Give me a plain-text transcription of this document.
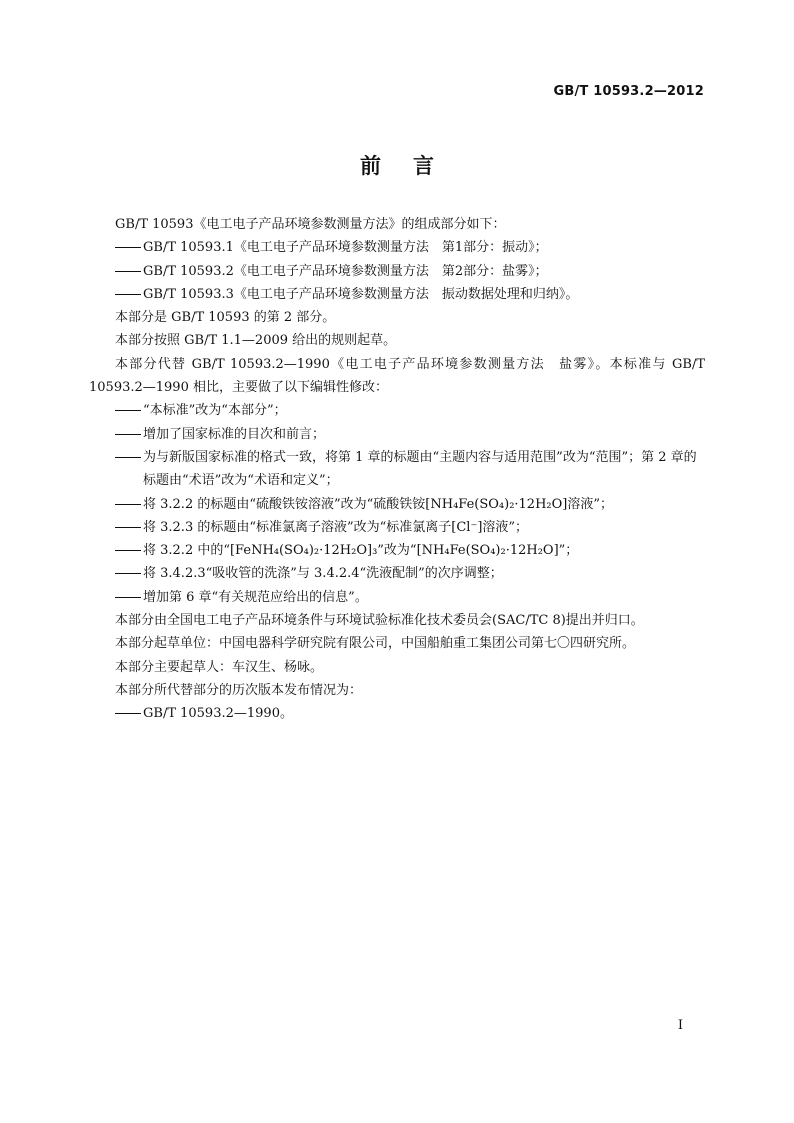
GB/T 10593.2—2012
前言
GB/T 10593《电工电子产品环境参数测量方法》的组成部分如下：
GB/T 10593.1《电工电子产品环境参数测量方法　第1部分：振动》；
GB/T 10593.2《电工电子产品环境参数测量方法　第2部分：盐雾》；
GB/T 10593.3《电工电子产品环境参数测量方法　振动数据处理和归纳》。
本部分是 GB/T 10593 的第 2 部分。
本部分按照 GB/T 1.1—2009 给出的规则起草。
本部分代替 GB/T 10593.2—1990《电工电子产品环境参数测量方法　盐雾》。本标准与 GB/T 10593.2—1990 相比，主要做了以下编辑性修改：
“本标准”改为“本部分”；
增加了国家标准的目次和前言；
为与新版国家标准的格式一致，将第 1 章的标题由“主题内容与适用范围”改为“范围”；第 2 章的标题由“术语”改为“术语和定义”；
将 3.2.2 的标题由“硫酸铁铵溶液”改为“硫酸铁铵[NH₄Fe(SO₄)₂·12H₂O]溶液”；
将 3.2.3 的标题由“标准氯离子溶液”改为“标准氯离子[Cl⁻]溶液”；
将 3.2.2 中的“[FeNH₄(SO₄)₂·12H₂O]₃”改为“[NH₄Fe(SO₄)₂·12H₂O]”；
将 3.4.2.3“吸收管的洗涤”与 3.4.2.4“洗液配制”的次序调整；
增加第 6 章“有关规范应给出的信息”。
本部分由全国电工电子产品环境条件与环境试验标准化技术委员会(SAC/TC 8)提出并归口。
本部分起草单位：中国电器科学研究院有限公司，中国船舶重工集团公司第七〇四研究所。
本部分主要起草人：车汉生、杨咏。
本部分所代替部分的历次版本发布情况为：
GB/T 10593.2—1990。
I
